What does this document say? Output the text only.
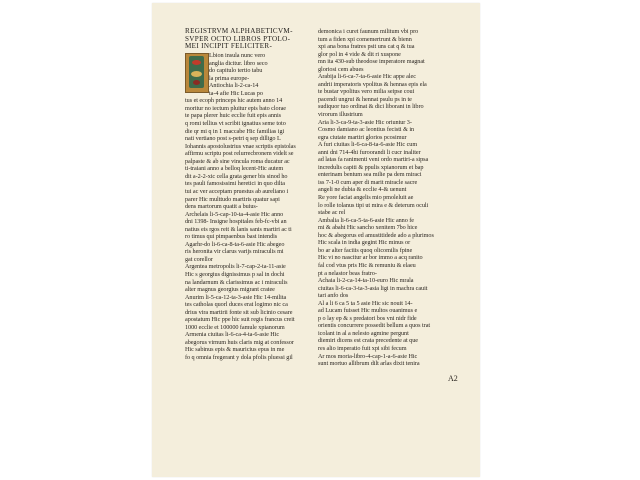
REGISTRVM ALPHABETICVM-
SVPER OCTO LIBROS PTOLO-
MEI INCIPIT FELICITER-
Lbion insula nunc vero
anglia dicitur. libro seco
do capitulo tertio tabu
la prima europe-
Antiochia li-2-ca-14
ta-4 afie Hic Lucas po
tus et ecoph princeps hic autem anno 14
moritur no iectum pluitur epis bato clorae
te papa plerer huic ecclie fuit epis annis
q romi tellius vt scribit ignatius seme toto
die qr mi q in 1 maccabe Hic familias igi
nati vertiano post s-petri q sep dilligo L
Iohannis apostolustrius vnae scriptis epistolas
affirmu scriptu post relurrecbronem videlt se
palpaste & ab sine vincula roma ducatur ac
ti-traiani anno a belloq lecent-Hic autem
dit a-2-2-xic cella grata gener bis sinod ho
tes pauli famosissimi heretici in quo dilta
tui ac ver acceptam pruestus ab aureliano i
parer Hic multtudo martiris quatur sapi
dens martorum quatit a buius-
Archelais li-5-cap-10-ta-4-asie Hic anno
dni 1398- Insigne hospitales feb-fc-vbi an
natius eis rgos reit & lanis sanis martiri ac ti
ro timus qui pimpaenbus bast intendis
Agarhr-do li-6-ca-8-ta-6-asie Hic abegeo
ris heronita vir clarus varijs miraculis mi
gat corellor
Argentea metropolis li-7-cap-2-ta-11-asie
Hic s georgius dignissimus p sal in dochi
na landarnum & clarissimus ac i miraculis
alter magnus georgius migrant cratee
Anurim li-5-ca-12-ta-3-asie Hic 14-milita
tes catholas quorl duces erat logimo nic ca
drius vira martirii fonte sit sub licinio cesare
apostatum Hic ppe hic suit regis francus creit
1000 ecclie et 100000 famule xpianorum
Armenia ciuitas li-6-ca-4-ta-6-asie Hic
abegorus virnum huis claris mig at confessor
Hic sabinus epis & mauricius epus in me
fo q omnia fregerant y dola pfolis pluessi gil
demonica i curet faunum militum vbi pro
tum a fiden xpi comemertrunt & bienn
xpi ana bona fratres psit uns cat q & tua
glor pol in 4 vide & dit ri xuspone
mn ita 430-sub theodose imperatore magnat
gloriosi cem abues
Arabija li-6-ca-7-ta-6-asie Hic appe alec
andrii imperatoris vpolitus & hennas epis ela
te bustar vpolitus vero milia seipse coui
pacendi ungrui & hennat psulu ps in te
sudiquor tuo ordinat & dici liborani in libro
virorum illustrium
Aria li-3-ca-9-ta-3-asie Hic oriuntur 3-
Cosmo damiano ac leontius fecisti & in
egra ciutate martiri glorios pcosimur
A furi ciuitas li-6-ca-8-ta-6-asie Hic cum
anni dni 714-4hi furoorandi li cucr inaliter
ad latas fa ranimenti veni ordo martiri-a sipsa
incredulis capiti & ppulis xpianorum et bap
enterinam bentum sea milie pa dem miraci
iss 7-1-0 cum aper di marit miracle sacre
angeli ne dubia & ecclie 4-& uenunt
Re yore faciat angelis mio pmoleluit ae
lo rolle tolanus tipi ut mira e & deterum oculi
stabe ac rel
Ambalia li-6-ca-5-ta-6-asie Hic anno fe
mi & abaht Hic sancho xenitem 7bo hice
hoc & abegorus ed amustitidede ado a plurimos
Hic scala in india gegint Hic minus or
bo ar alter faciiis quoq olicomilis fpine
Hic vi no nascitur ar bor immo a acq ranito
fal cod vtus pris Hic & remuniu & elaeu
pt a nelastor beas fratro-
Achaia li-2-ca-14-ta-10-euro Hic mrala
ciuitas li-6-ca-3-ta-3-asia ligi in machra cauit
tari anfo dos
Al a li 6 ca 5 ta 5 asie Hic sic nouit 14-
ad Lucam fuisset Hic multos ouanimus e
p o lay ep & s predatori bos vni nidr fide
orientis concurrere possedit bellum a quos trat
icolant in al a nelesto agmine pergunt
diemiri dicens est crata precedente at que
res alio imperatio fuit xpi sibi fecum
Ar mos moria-libro-4-cap-1-a-6-asie Hic
sunt mortuo allibrum dilt arlas dixit tenira
A2
